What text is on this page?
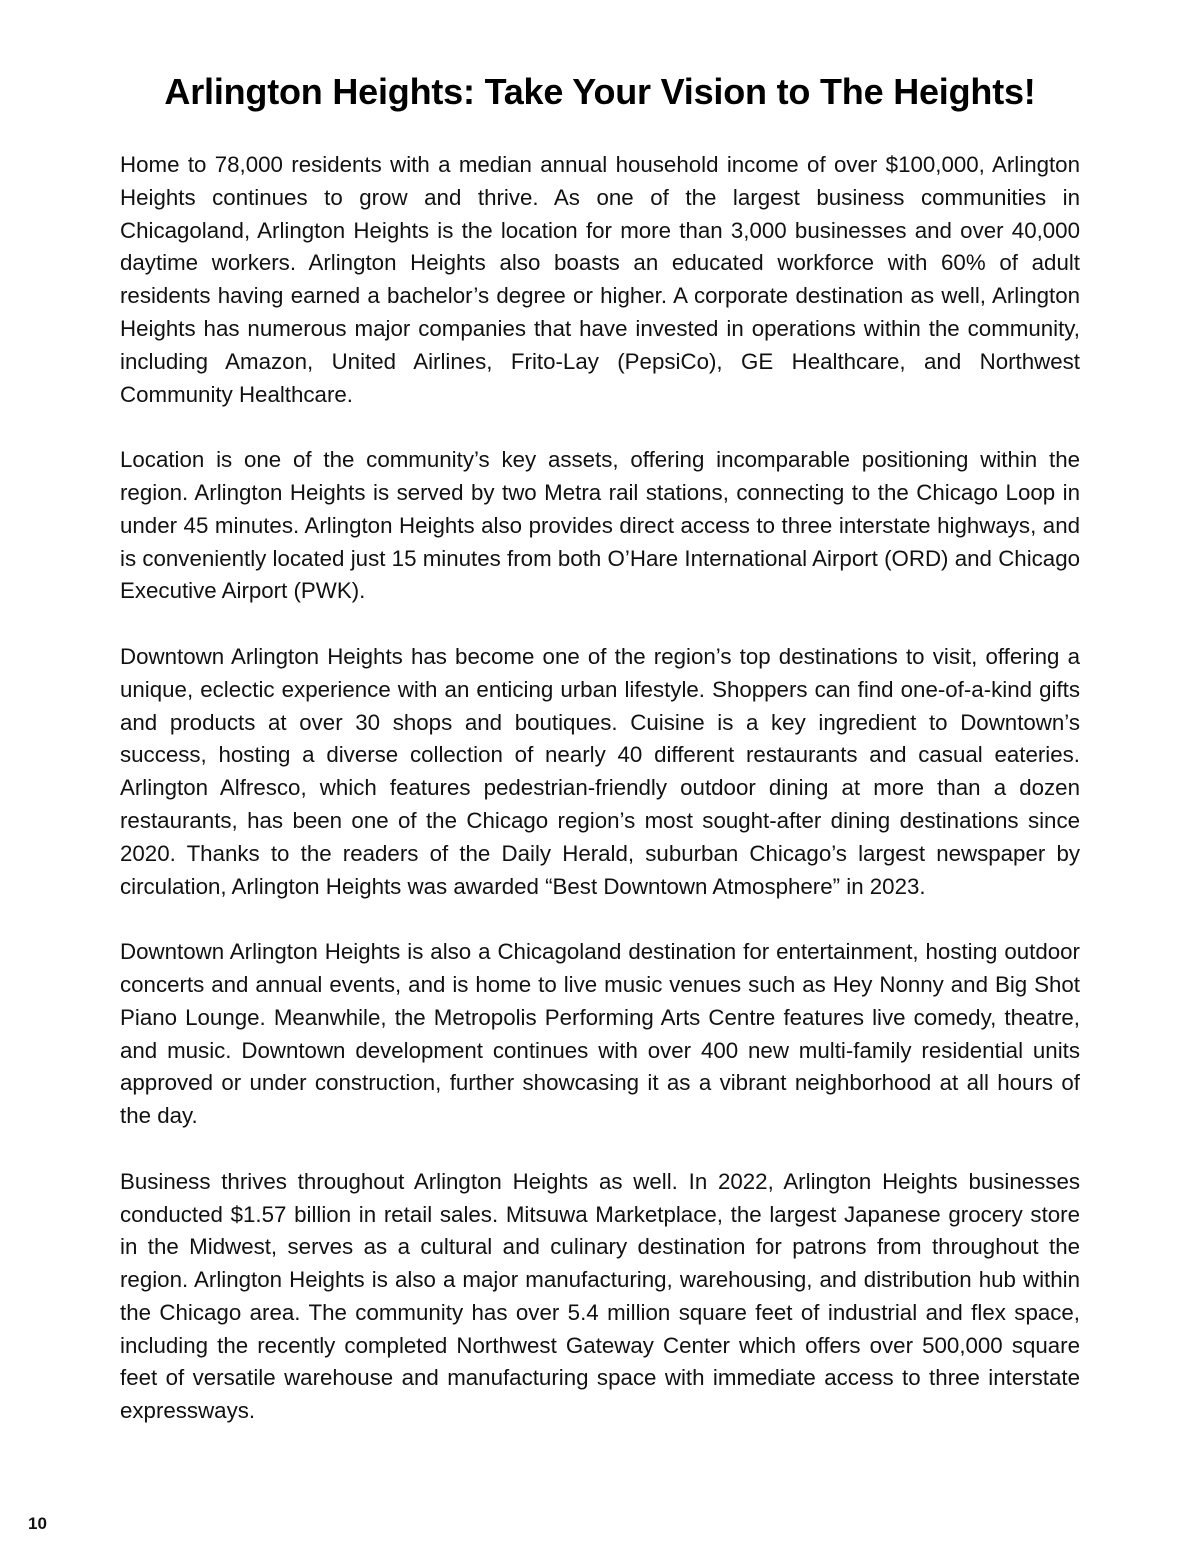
Arlington Heights: Take Your Vision to The Heights!

Home to 78,000 residents with a median annual household income of over $100,000, Arlington Heights continues to grow and thrive. As one of the largest business communities in Chicagoland, Arlington Heights is the location for more than 3,000 businesses and over 40,000 daytime workers. Arlington Heights also boasts an educated workforce with 60% of adult residents having earned a bachelor’s degree or higher. A corporate destination as well, Arlington Heights has numerous major companies that have invested in operations within the community, including Amazon, United Airlines, Frito-Lay (PepsiCo), GE Healthcare, and Northwest Community Healthcare.

Location is one of the community’s key assets, offering incomparable positioning within the region. Arlington Heights is served by two Metra rail stations, connecting to the Chicago Loop in under 45 minutes. Arlington Heights also provides direct access to three interstate highways, and is conveniently located just 15 minutes from both O’Hare International Airport (ORD) and Chicago Executive Airport (PWK).

Downtown Arlington Heights has become one of the region’s top destinations to visit, offering a unique, eclectic experience with an enticing urban lifestyle. Shoppers can find one-of-a-kind gifts and products at over 30 shops and boutiques. Cuisine is a key ingredient to Downtown’s success, hosting a diverse collection of nearly 40 different restaurants and casual eateries. Arlington Alfresco, which features pedestrian-friendly outdoor dining at more than a dozen restaurants, has been one of the Chicago region’s most sought-after dining destinations since 2020. Thanks to the readers of the Daily Herald, suburban Chicago’s largest newspaper by circulation, Arlington Heights was awarded “Best Downtown Atmosphere” in 2023.

Downtown Arlington Heights is also a Chicagoland destination for entertainment, hosting outdoor concerts and annual events, and is home to live music venues such as Hey Nonny and Big Shot Piano Lounge. Meanwhile, the Metropolis Performing Arts Centre features live comedy, theatre, and music. Downtown development continues with over 400 new multi-family residential units approved or under construction, further showcasing it as a vibrant neighborhood at all hours of the day.

Business thrives throughout Arlington Heights as well. In 2022, Arlington Heights businesses conducted $1.57 billion in retail sales. Mitsuwa Marketplace, the largest Japanese grocery store in the Midwest, serves as a cultural and culinary destination for patrons from throughout the region. Arlington Heights is also a major manufacturing, warehousing, and distribution hub within the Chicago area. The community has over 5.4 million square feet of industrial and flex space, including the recently completed Northwest Gateway Center which offers over 500,000 square feet of versatile warehouse and manufacturing space with immediate access to three interstate expressways.

10
